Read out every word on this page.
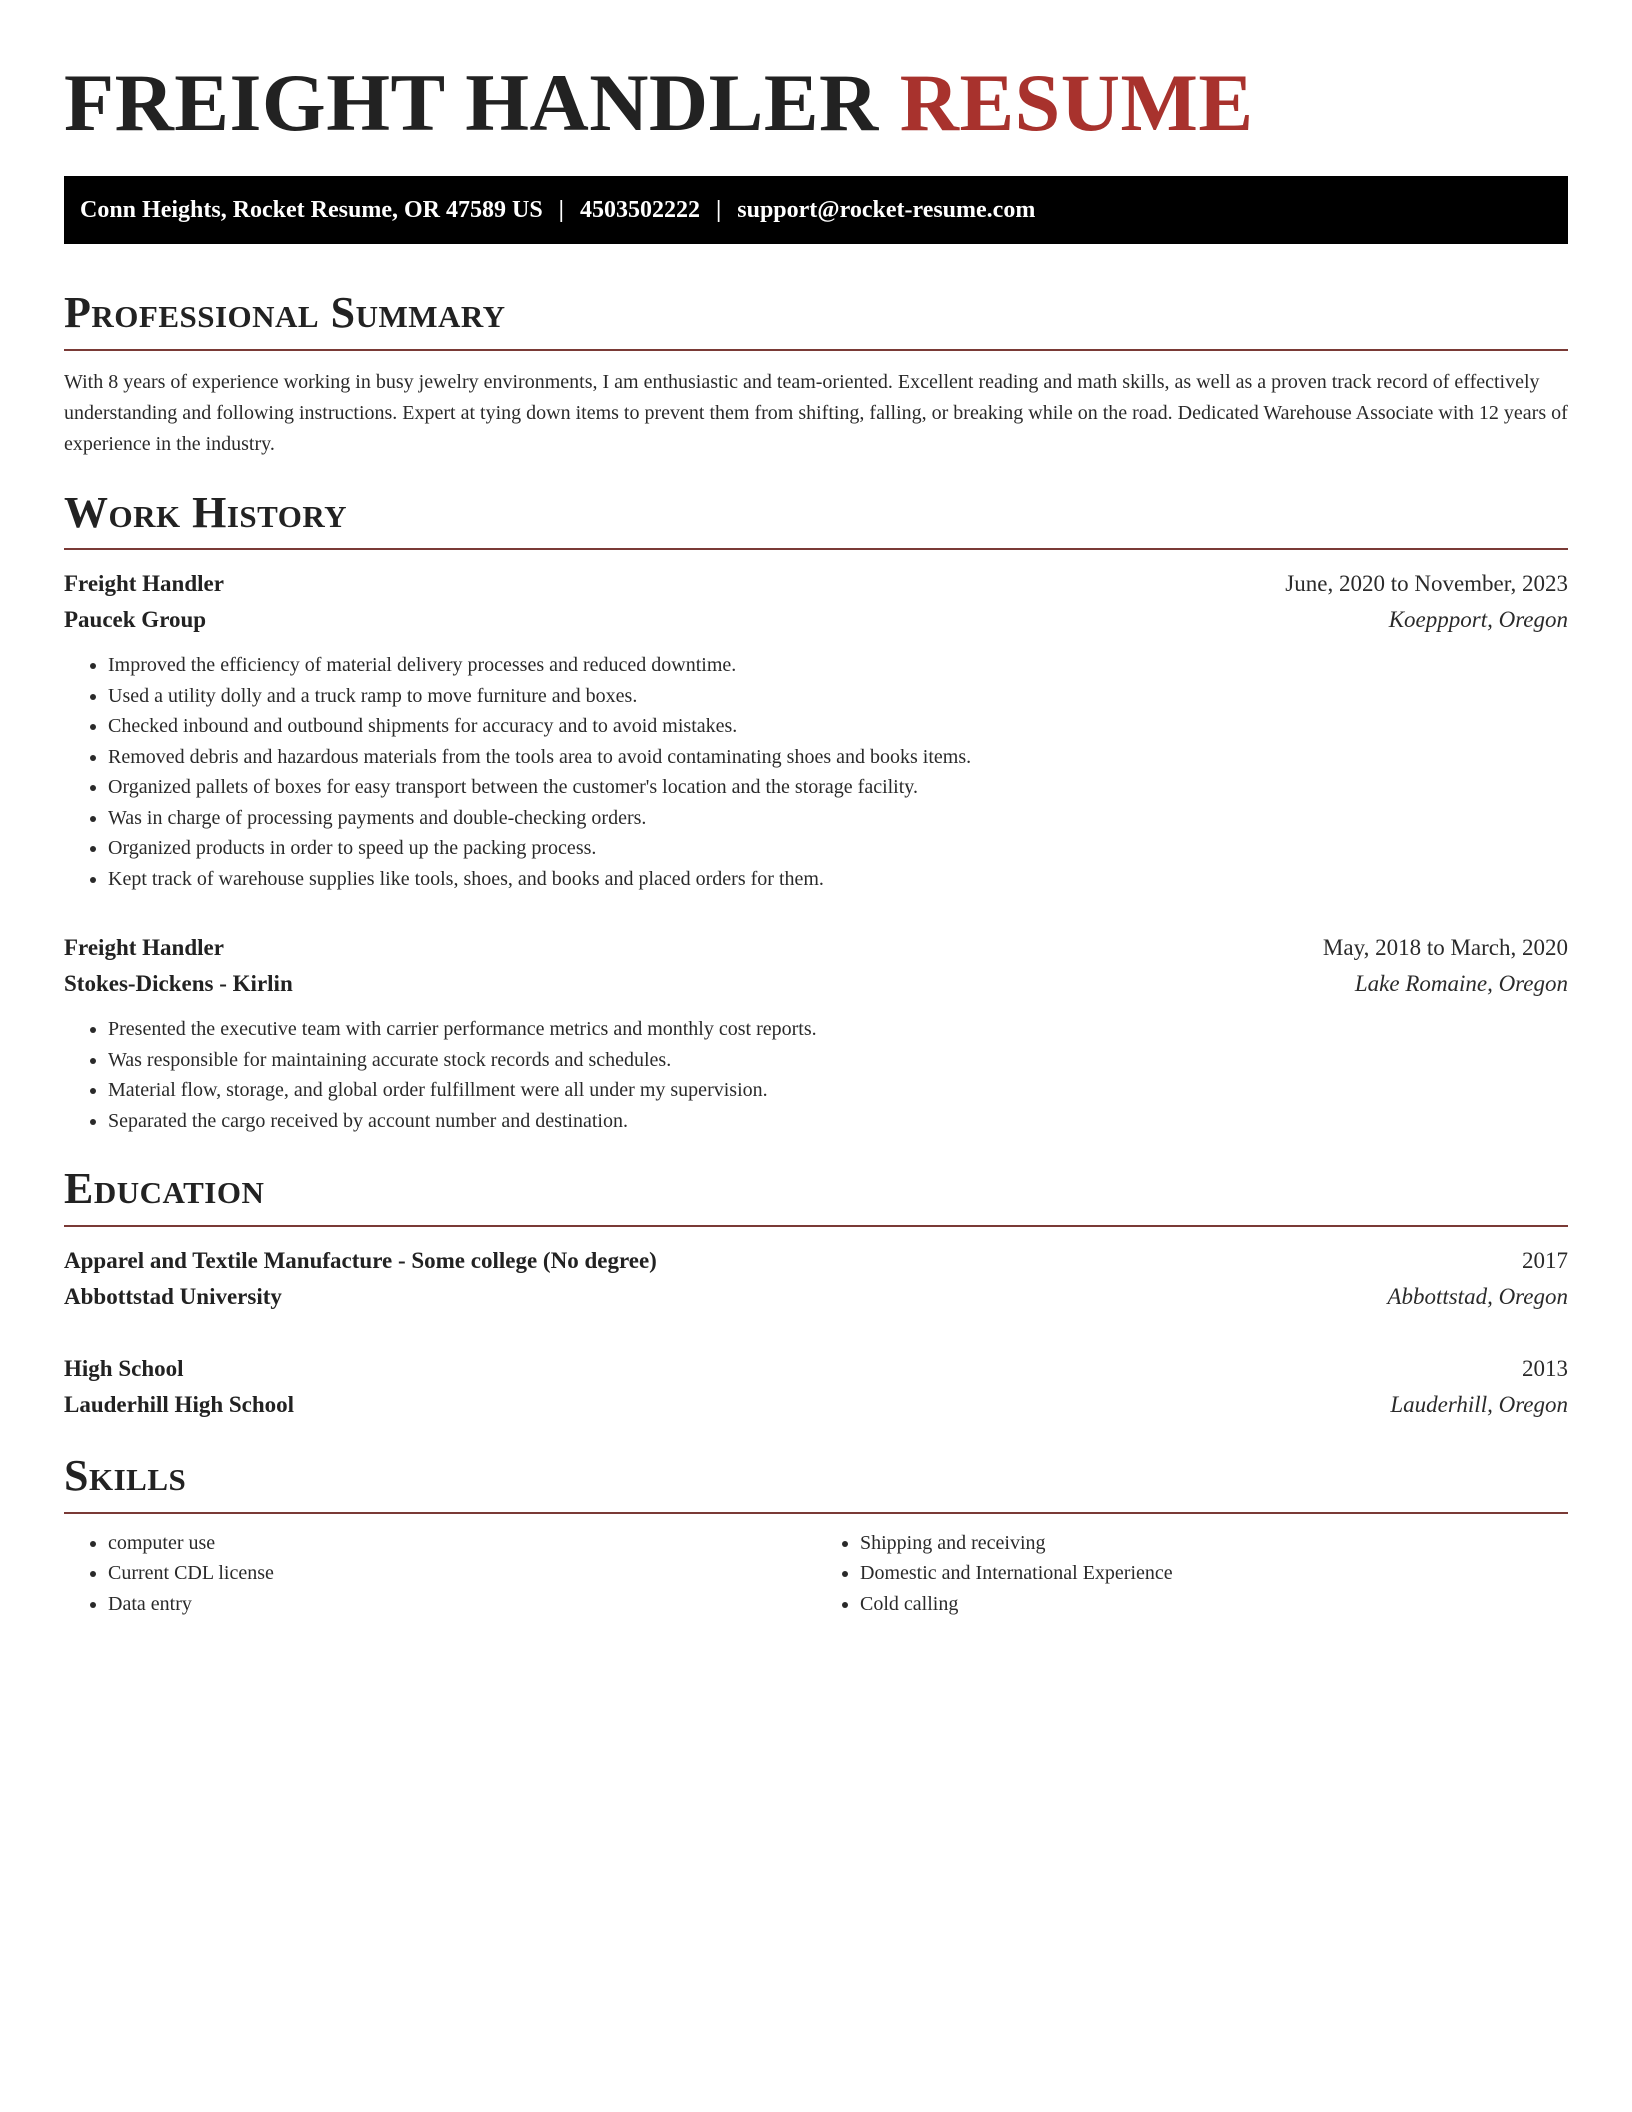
FREIGHT HANDLER RESUME
Conn Heights, Rocket Resume, OR 47589 US | 4503502222 | support@rocket-resume.com
Professional Summary

With 8 years of experience working in busy jewelry environments, I am enthusiastic and team-oriented. Excellent reading and math skills, as well as a proven track record of effectively understanding and following instructions. Expert at tying down items to prevent them from shifting, falling, or breaking while on the road. Dedicated Warehouse Associate with 12 years of experience in the industry.

Work History
Freight Handler	June, 2020 to November, 2023
Paucek Group	Koeppport, Oregon
• Improved the efficiency of material delivery processes and reduced downtime.
• Used a utility dolly and a truck ramp to move furniture and boxes.
• Checked inbound and outbound shipments for accuracy and to avoid mistakes.
• Removed debris and hazardous materials from the tools area to avoid contaminating shoes and books items.
• Organized pallets of boxes for easy transport between the customer's location and the storage facility.
• Was in charge of processing payments and double-checking orders.
• Organized products in order to speed up the packing process.
• Kept track of warehouse supplies like tools, shoes, and books and placed orders for them.
Freight Handler	May, 2018 to March, 2020
Stokes-Dickens - Kirlin	Lake Romaine, Oregon
• Presented the executive team with carrier performance metrics and monthly cost reports.
• Was responsible for maintaining accurate stock records and schedules.
• Material flow, storage, and global order fulfillment were all under my supervision.
• Separated the cargo received by account number and destination.
Education
Apparel and Textile Manufacture - Some college (No degree)	2017
Abbottstad University	Abbottstad, Oregon
High School	2013
Lauderhill High School	Lauderhill, Oregon
Skills
• computer use
• Current CDL license
• Data entry
• Shipping and receiving
• Domestic and International Experience
• Cold calling
